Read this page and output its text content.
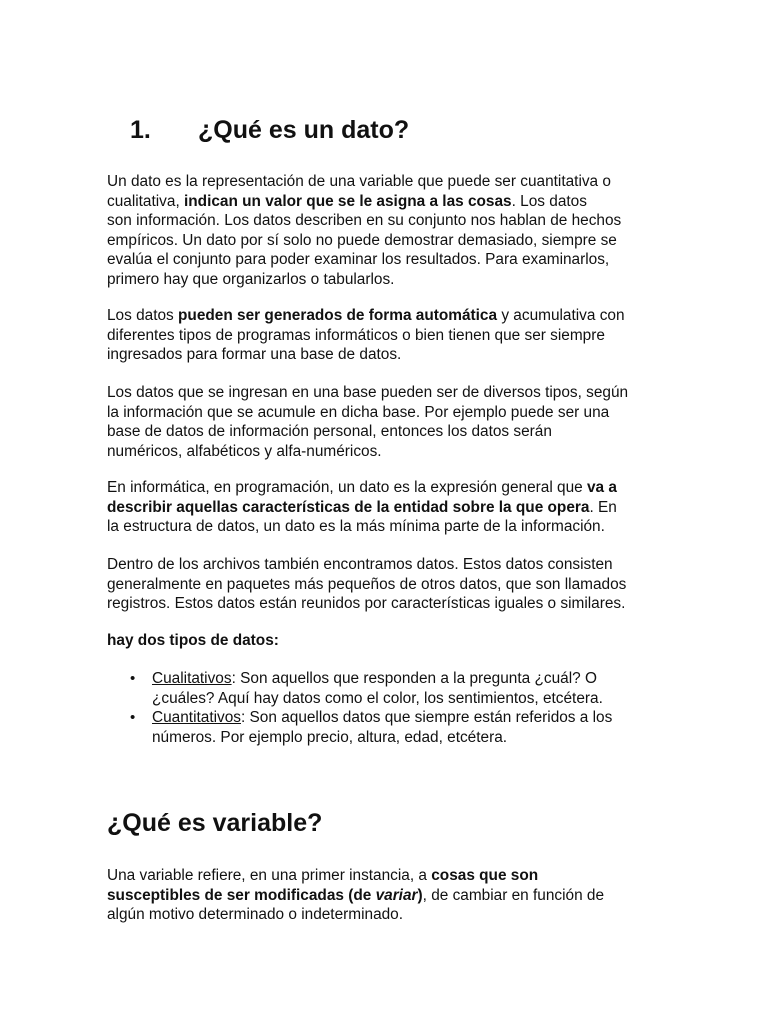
1. ¿Qué es un dato?

Un dato es la representación de una variable que puede ser cuantitativa o
cualitativa, indican un valor que se le asigna a las cosas. Los datos
son información. Los datos describen en su conjunto nos hablan de hechos
empíricos. Un dato por sí solo no puede demostrar demasiado, siempre se
evalúa el conjunto para poder examinar los resultados. Para examinarlos,
primero hay que organizarlos o tabularlos.

Los datos pueden ser generados de forma automática y acumulativa con
diferentes tipos de programas informáticos o bien tienen que ser siempre
ingresados para formar una base de datos.

Los datos que se ingresan en una base pueden ser de diversos tipos, según
la información que se acumule en dicha base. Por ejemplo puede ser una
base de datos de información personal, entonces los datos serán
numéricos, alfabéticos y alfa-numéricos.

En informática, en programación, un dato es la expresión general que va a
describir aquellas características de la entidad sobre la que opera. En
la estructura de datos, un dato es la más mínima parte de la información.

Dentro de los archivos también encontramos datos. Estos datos consisten
generalmente en paquetes más pequeños de otros datos, que son llamados
registros. Estos datos están reunidos por características iguales o similares.

hay dos tipos de datos:

• Cualitativos: Son aquellos que responden a la pregunta ¿cuál? O
¿cuáles? Aquí hay datos como el color, los sentimientos, etcétera.
• Cuantitativos: Son aquellos datos que siempre están referidos a los
números. Por ejemplo precio, altura, edad, etcétera.
¿Qué es variable?

Una variable refiere, en una primer instancia, a cosas que son
susceptibles de ser modificadas (de variar), de cambiar en función de
algún motivo determinado o indeterminado.
